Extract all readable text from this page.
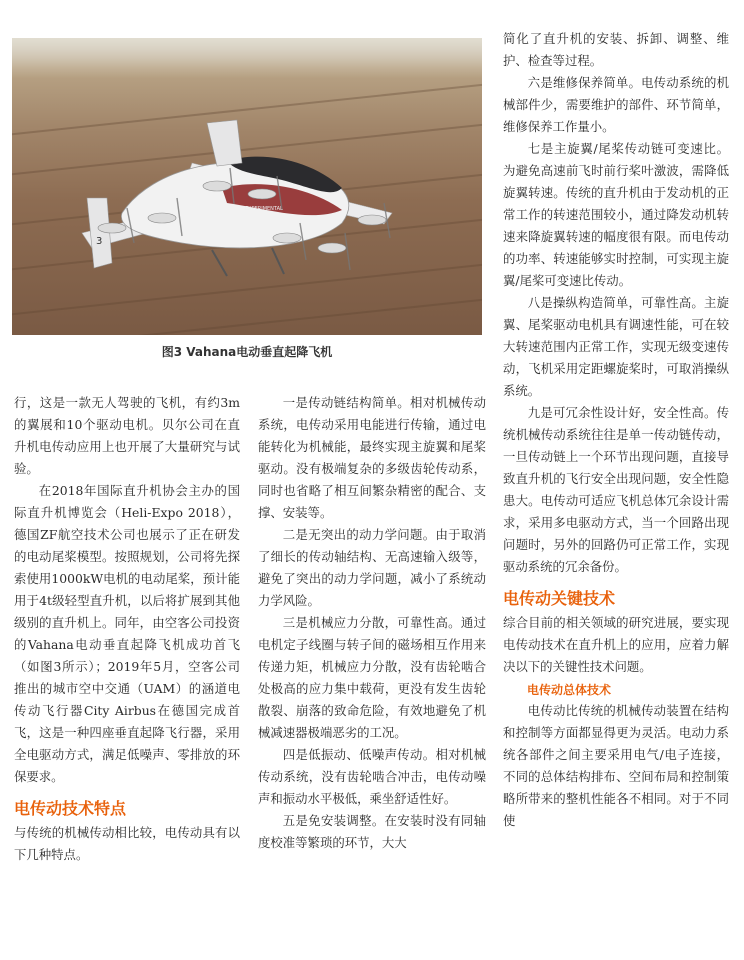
3
EXPERIMENTAL
图3 Vahana电动垂直起降飞机

行，这是一款无人驾驶的飞机，有约3m的翼展和10个驱动电机。贝尔公司在直升机电传动应用上也开展了大量研究与试验。

在2018年国际直升机协会主办的国际直升机博览会（Heli-Expo 2018），德国ZF航空技术公司也展示了正在研发的电动尾桨模型。按照规划，公司将先探索使用1000kW电机的电动尾桨，预计能用于4t级轻型直升机，以后将扩展到其他级别的直升机上。同年，由空客公司投资的Vahana电动垂直起降飞机成功首飞（如图3所示）；2019年5月，空客公司推出的城市空中交通（UAM）的涵道电传动飞行器City Airbus在德国完成首飞，这是一种四座垂直起降飞行器，采用全电驱动方式，满足低噪声、零排放的环保要求。

电传动技术特点

与传统的机械传动相比较，电传动具有以下几种特点。

一是传动链结构简单。相对机械传动系统，电传动采用电能进行传输，通过电能转化为机械能，最终实现主旋翼和尾桨驱动。没有极端复杂的多级齿轮传动系，同时也省略了相互间繁杂精密的配合、支撑、安装等。

二是无突出的动力学问题。由于取消了细长的传动轴结构、无高速输入级等，避免了突出的动力学问题，减小了系统动力学风险。

三是机械应力分散，可靠性高。通过电机定子线圈与转子间的磁场相互作用来传递力矩，机械应力分散，没有齿轮啮合处极高的应力集中载荷，更没有发生齿轮散裂、崩落的致命危险，有效地避免了机械减速器极端恶劣的工况。

四是低振动、低噪声传动。相对机械传动系统，没有齿轮啮合冲击，电传动噪声和振动水平极低，乘坐舒适性好。

五是免安装调整。在安装时没有同轴度校准等繁琐的环节，大大

简化了直升机的安装、拆卸、调整、维护、检查等过程。

六是维修保养简单。电传动系统的机械部件少，需要维护的部件、环节简单，维修保养工作量小。

七是主旋翼/尾桨传动链可变速比。为避免高速前飞时前行桨叶激波，需降低旋翼转速。传统的直升机由于发动机的正常工作的转速范围较小，通过降发动机转速来降旋翼转速的幅度很有限。而电传动的功率、转速能够实时控制，可实现主旋翼/尾桨可变速比传动。

八是操纵构造简单，可靠性高。主旋翼、尾桨驱动电机具有调速性能，可在较大转速范围内正常工作，实现无级变速传动，飞机采用定距螺旋桨时，可取消操纵系统。

九是可冗余性设计好，安全性高。传统机械传动系统往往是单一传动链传动，一旦传动链上一个环节出现问题，直接导致直升机的飞行安全出现问题，安全性隐患大。电传动可适应飞机总体冗余设计需求，采用多电驱动方式，当一个回路出现问题时，另外的回路仍可正常工作，实现驱动系统的冗余备份。

电传动关键技术

综合目前的相关领域的研究进展，要实现电传动技术在直升机上的应用，应着力解决以下的关键性技术问题。

电传动总体技术

电传动比传统的机械传动装置在结构和控制等方面都显得更为灵活。电动力系统各部件之间主要采用电气/电子连接，不同的总体结构排布、空间布局和控制策略所带来的整机性能各不相同。对于不同使
